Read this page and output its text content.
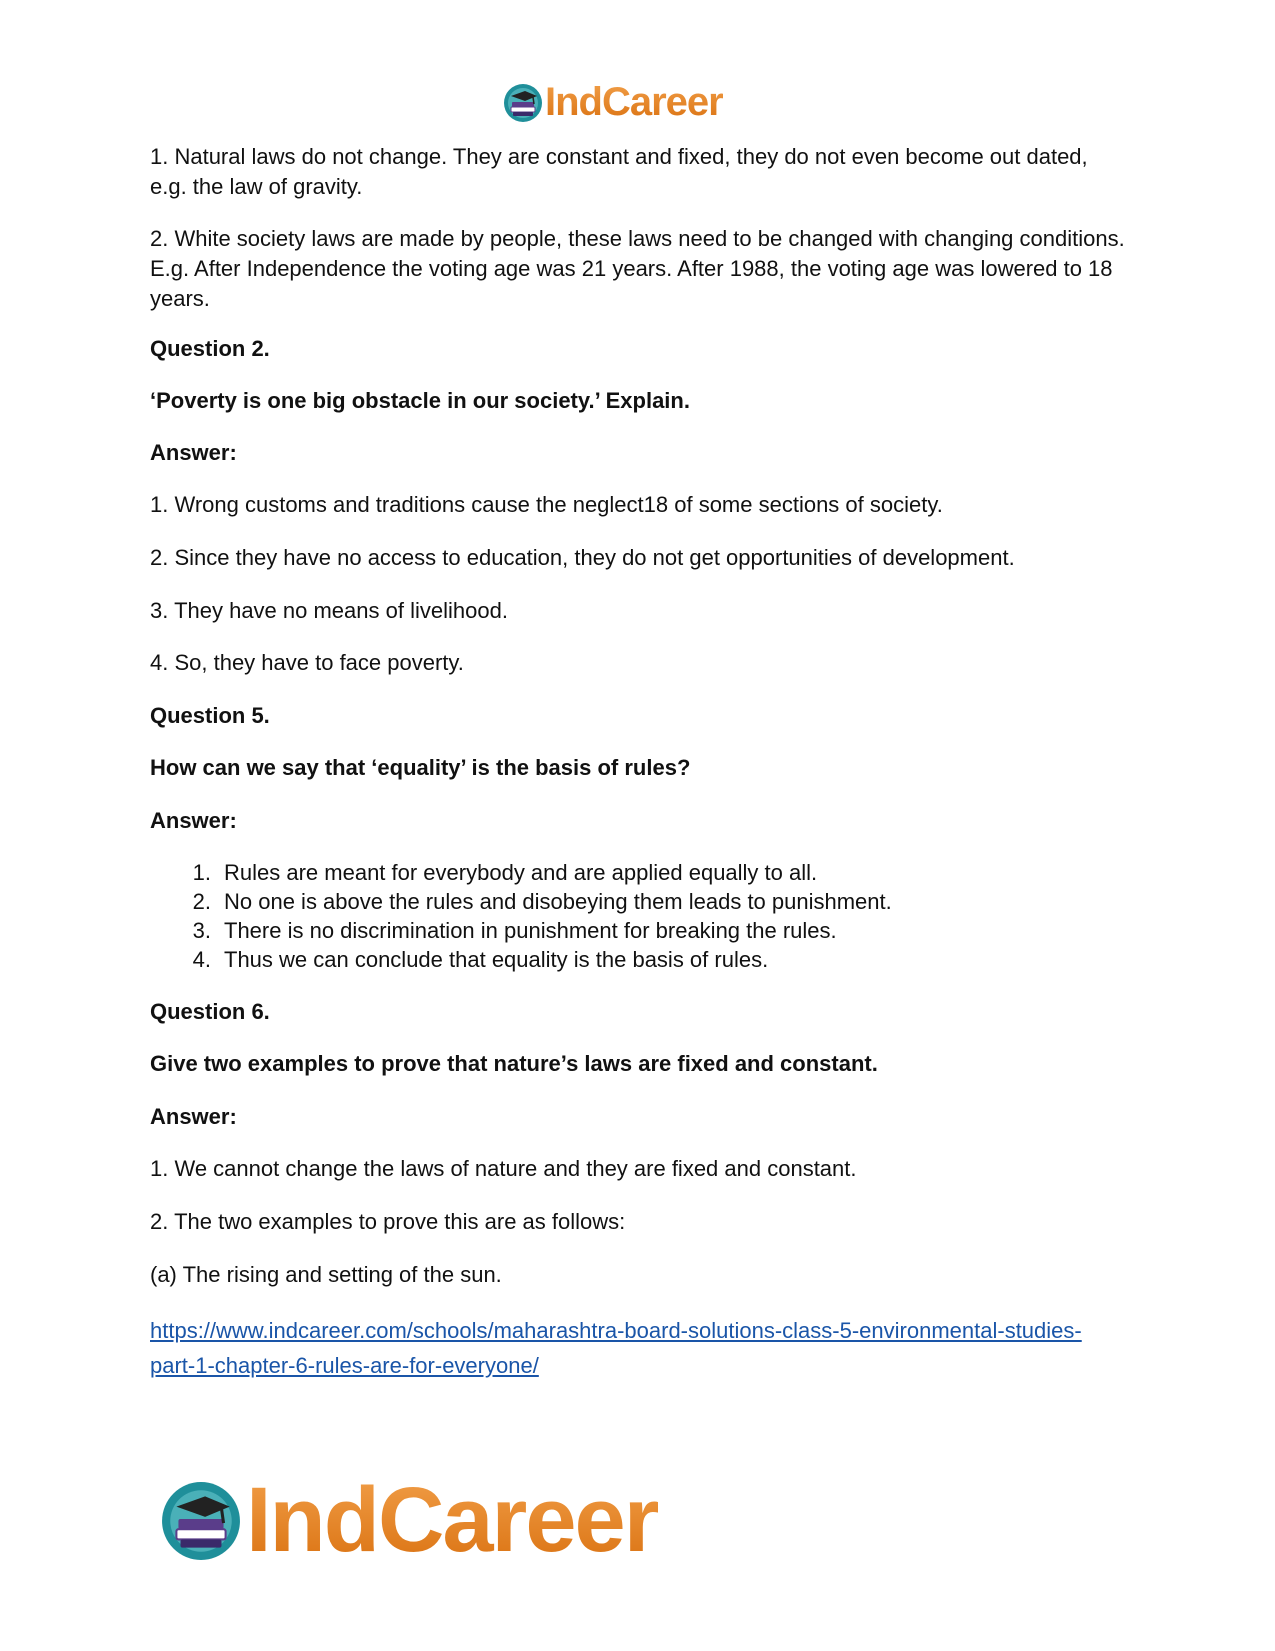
IndCareer

1. Natural laws do not change. They are constant and fixed, they do not even become out dated, e.g. the law of gravity.

2. White society laws are made by people, these laws need to be changed with changing conditions. E.g. After Independence the voting age was 21 years. After 1988, the voting age was lowered to 18 years.

Question 2.

‘Poverty is one big obstacle in our society.’ Explain.

Answer:

1. Wrong customs and traditions cause the neglect18 of some sections of society.

2. Since they have no access to education, they do not get opportunities of development.

3. They have no means of livelihood.

4. So, they have to face poverty.

Question 5.

How can we say that ‘equality’ is the basis of rules?

Answer:

1. Rules are meant for everybody and are applied equally to all.
2. No one is above the rules and disobeying them leads to punishment.
3. There is no discrimination in punishment for breaking the rules.
4. Thus we can conclude that equality is the basis of rules.

Question 6.

Give two examples to prove that nature’s laws are fixed and constant.

Answer:

1. We cannot change the laws of nature and they are fixed and constant.

2. The two examples to prove this are as follows:

(a) The rising and setting of the sun.

https://www.indcareer.com/schools/maharashtra-board-solutions-class-5-environmental-studies-
part-1-chapter-6-rules-are-for-everyone/
IndCareer
